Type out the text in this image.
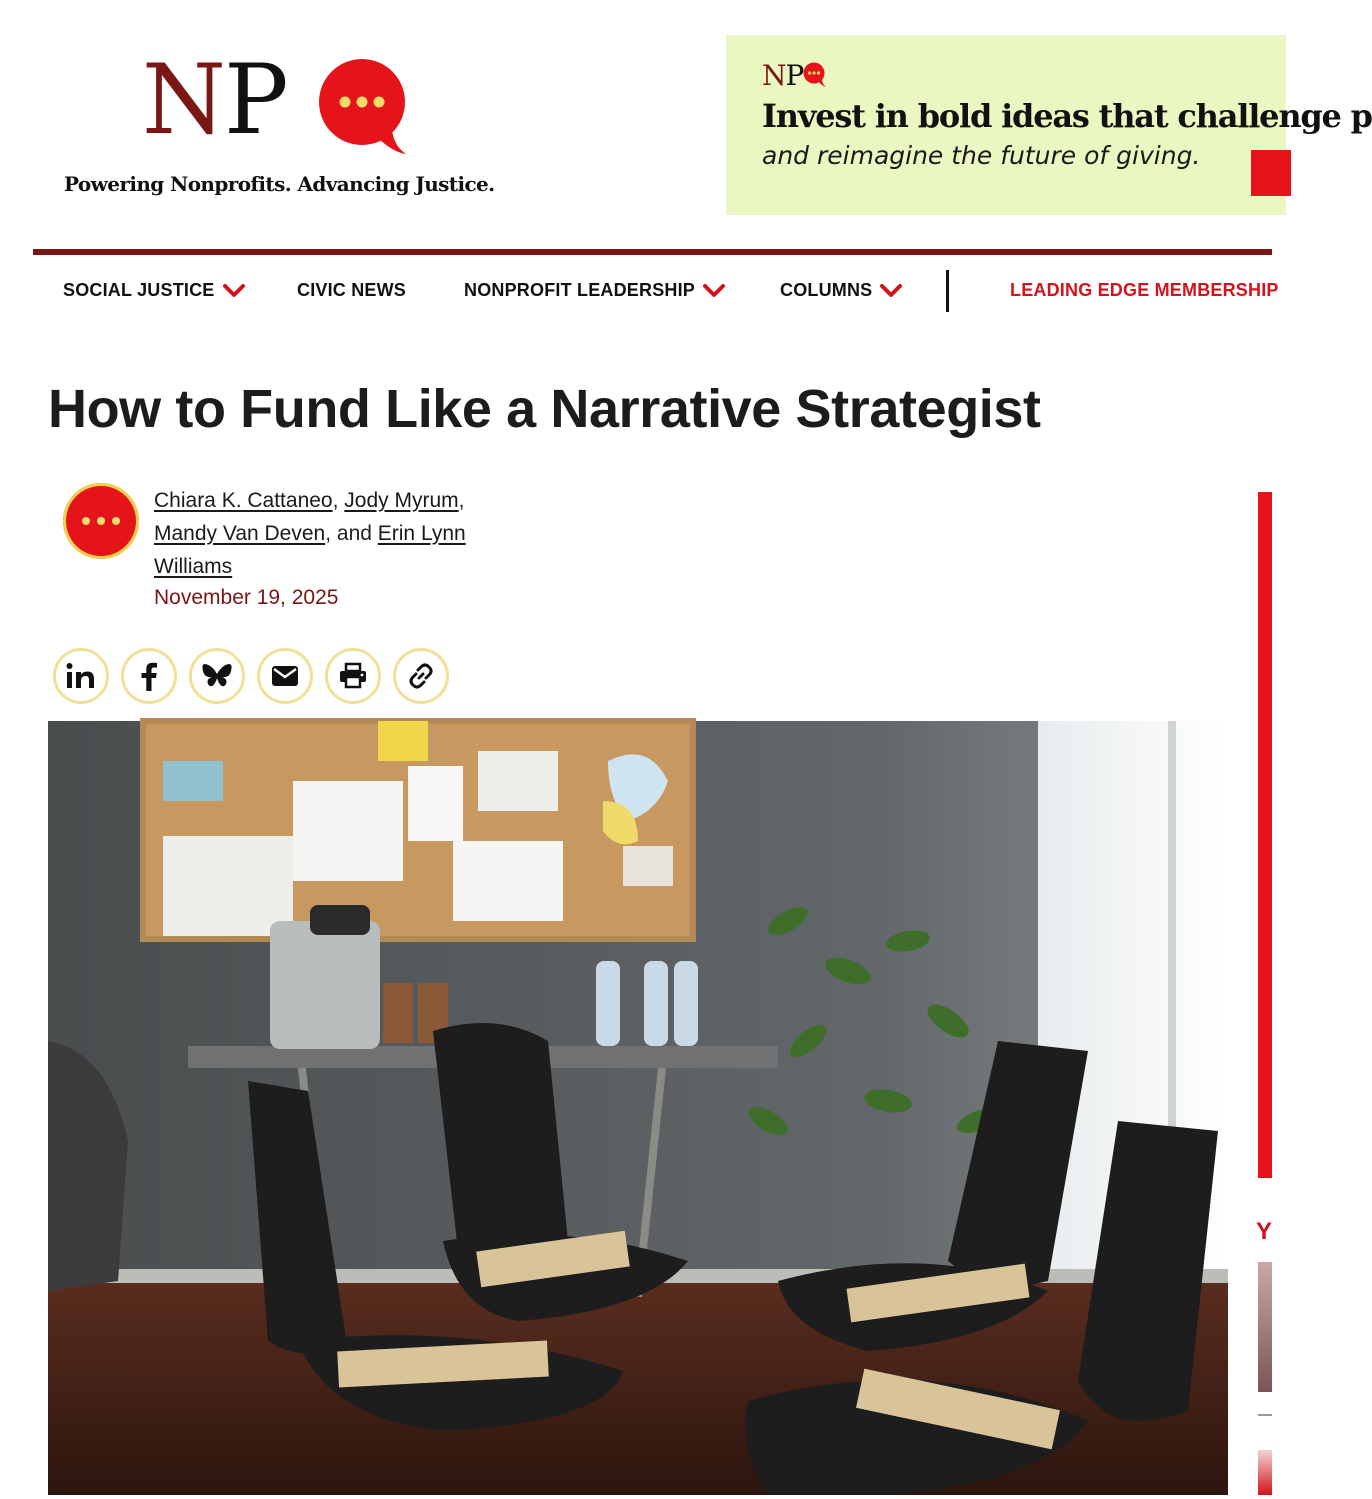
NP
Powering Nonprofits. Advancing Justice.
NP
Invest in bold ideas that challenge p
and reimagine the future of giving.
SOCIAL JUSTICE	CIVIC NEWS	NONPROFIT LEADERSHIP	COLUMNS	LEADING EDGE MEMBERSHIP
How to Fund Like a Narrative Strategist
Chiara K. Cattaneo, Jody Myrum,
Mandy Van Deven, and Erin Lynn Williams
November 19, 2025
Y
